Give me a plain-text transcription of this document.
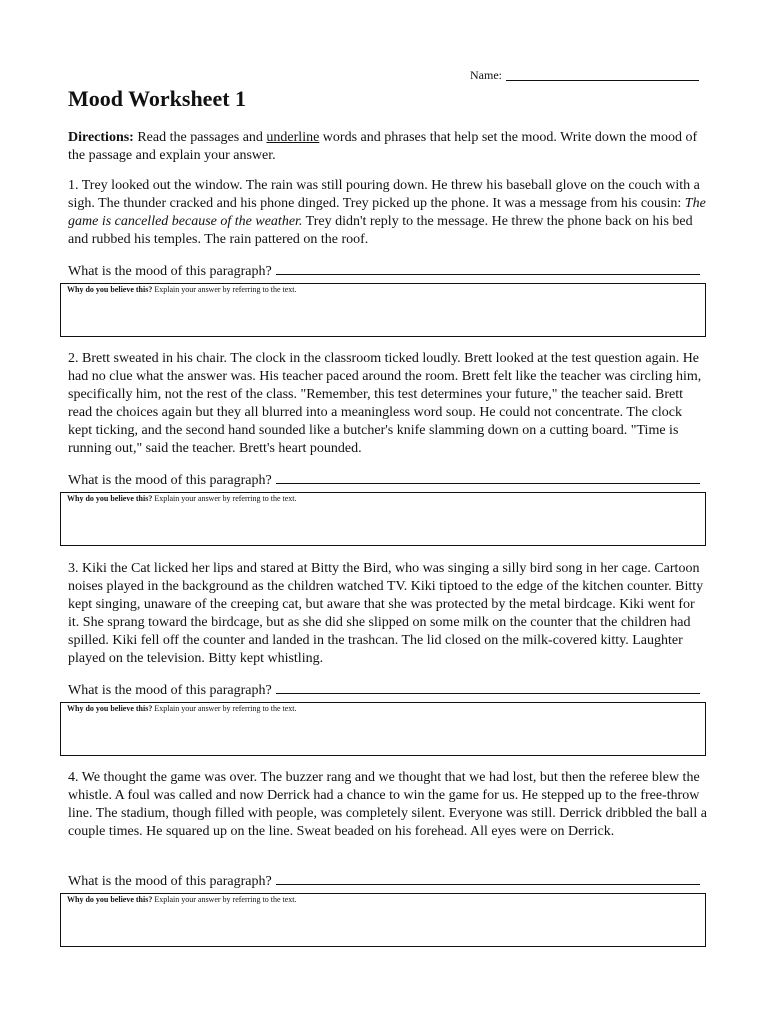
Name:
Mood Worksheet 1

Directions: Read the passages and underline words and phrases that help set the mood. Write down the mood of the passage and explain your answer.

1. Trey looked out the window. The rain was still pouring down. He threw his baseball glove on the couch with a sigh. The thunder cracked and his phone dinged. Trey picked up the phone. It was a message from his cousin: The game is cancelled because of the weather. Trey didn't reply to the message. He threw the phone back on his bed and rubbed his temples. The rain pattered on the roof.

What is the mood of this paragraph?
Why do you believe this? Explain your answer by referring to the text.

2. Brett sweated in his chair. The clock in the classroom ticked loudly. Brett looked at the test question again. He had no clue what the answer was. His teacher paced around the room. Brett felt like the teacher was circling him, specifically him, not the rest of the class. "Remember, this test determines your future," the teacher said. Brett read the choices again but they all blurred into a meaningless word soup. He could not concentrate. The clock kept ticking, and the second hand sounded like a butcher's knife slamming down on a cutting board. "Time is running out," said the teacher. Brett's heart pounded.

What is the mood of this paragraph?
Why do you believe this? Explain your answer by referring to the text.

3. Kiki the Cat licked her lips and stared at Bitty the Bird, who was singing a silly bird song in her cage. Cartoon noises played in the background as the children watched TV. Kiki tiptoed to the edge of the kitchen counter. Bitty kept singing, unaware of the creeping cat, but aware that she was protected by the metal birdcage. Kiki went for it. She sprang toward the birdcage, but as she did she slipped on some milk on the counter that the children had spilled. Kiki fell off the counter and landed in the trashcan. The lid closed on the milk-covered kitty. Laughter played on the television. Bitty kept whistling.

What is the mood of this paragraph?
Why do you believe this? Explain your answer by referring to the text.

4. We thought the game was over. The buzzer rang and we thought that we had lost, but then the referee blew the whistle. A foul was called and now Derrick had a chance to win the game for us. He stepped up to the free-throw line. The stadium, though filled with people, was completely silent. Everyone was still. Derrick dribbled the ball a couple times. He squared up on the line. Sweat beaded on his forehead. All eyes were on Derrick.

What is the mood of this paragraph?
Why do you believe this? Explain your answer by referring to the text.
